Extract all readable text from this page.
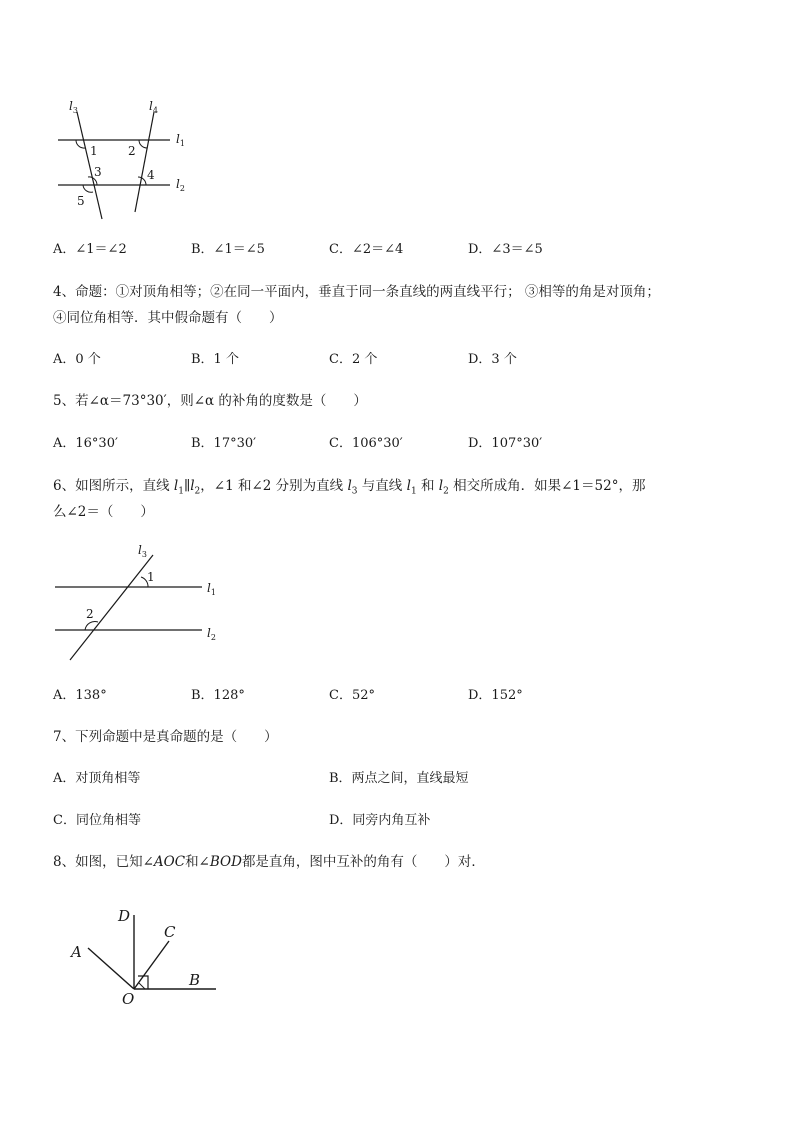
$l_3$	$l_4$
$l_1$
$l_2$
1	2
3	4
5
A．∠1＝∠2	B．∠1＝∠5	C．∠2＝∠4	D．∠3＝∠5
4、命题：①对顶角相等；②在同一平面内，垂直于同一条直线的两直线平行； ③相等的角是对顶角；
④同位角相等．其中假命题有（　　）
A．0 个	B．1 个	C．2 个	D．3 个
5、若∠α＝73°30′，则∠α 的补角的度数是（　　）
A．16°30′	B．17°30′	C．106°30′	D．107°30′
6、如图所示，直线 $l_1\parallel l_2$，∠1 和∠2 分别为直线 $l_3$ 与直线 $l_1$ 和 $l_2$ 相交所成角．如果∠1＝52°，那
么∠2＝（　　）
$l_3$
$l_1$
$l_2$
1
2
A．138°	B．128°	C．52°	D．152°
7、下列命题中是真命题的是（　　）
A．对顶角相等	B．两点之间，直线最短
C．同位角相等	D．同旁内角互补
8、如图，已知∠AOC和∠BOD都是直角，图中互补的角有（　　）对．
D
C
A
B
O
